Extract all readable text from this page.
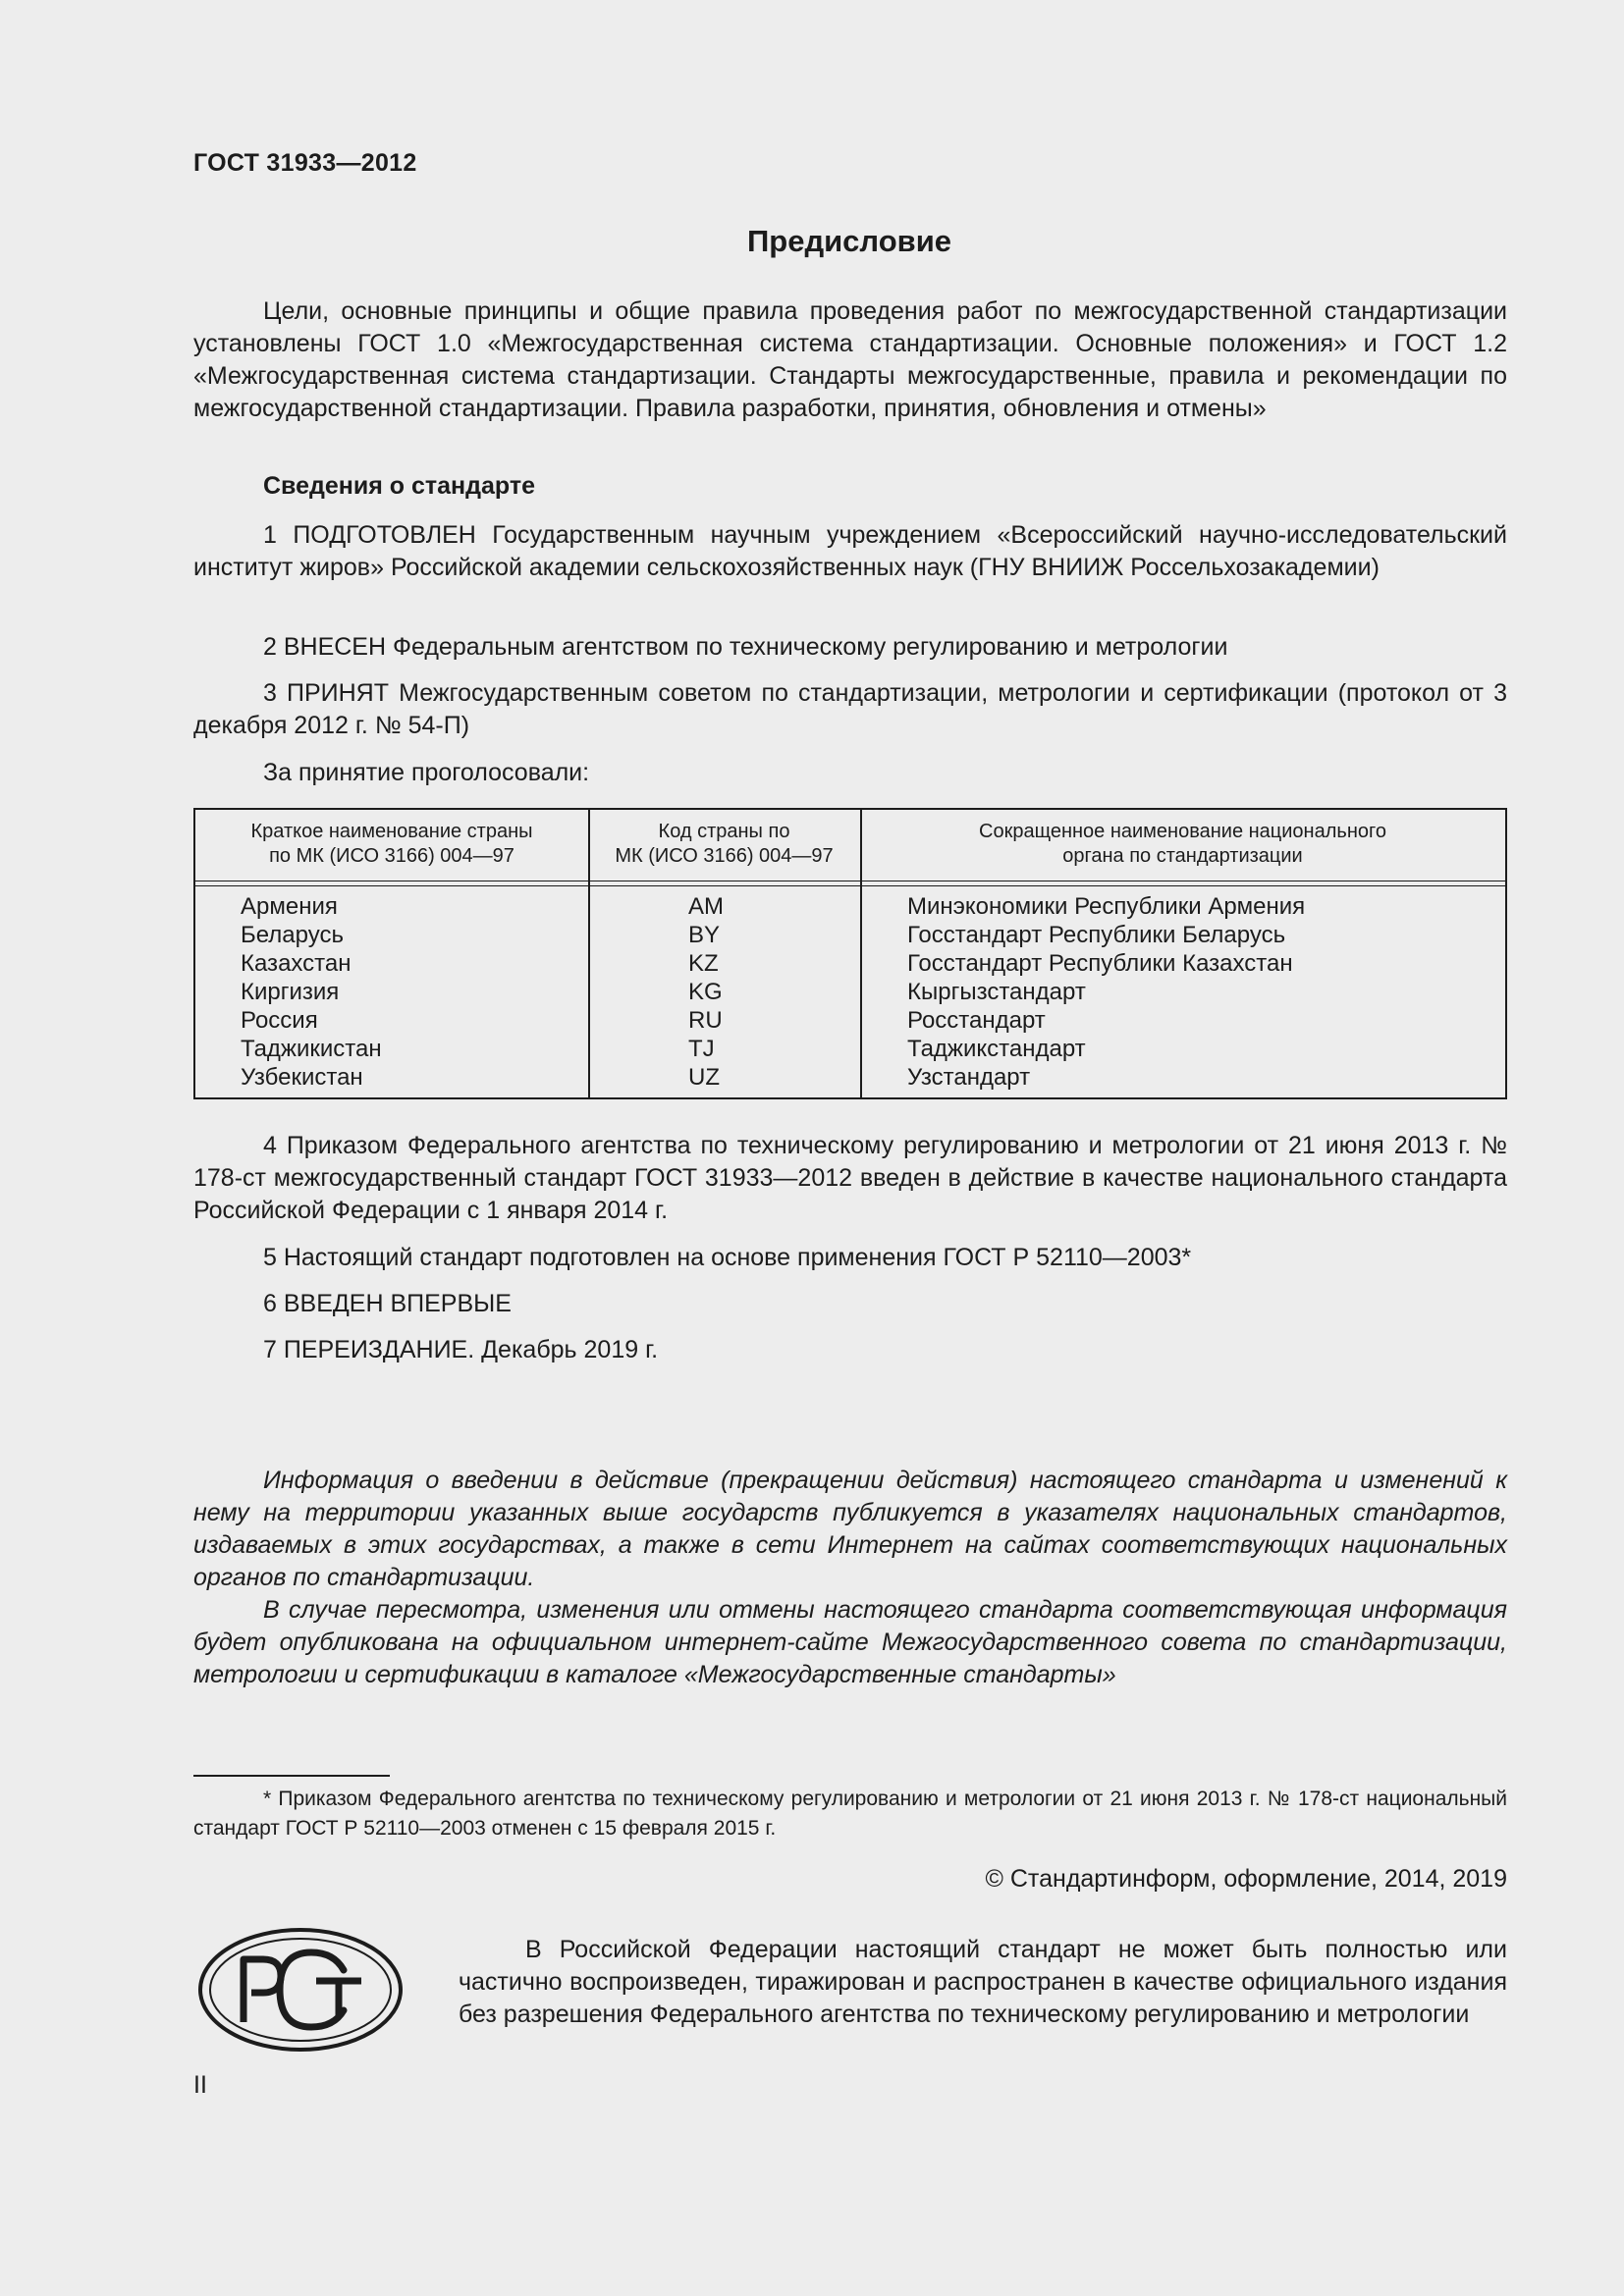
ГОСТ 31933—2012
Предисловие

Цели, основные принципы и общие правила проведения работ по межгосударственной стандартизации установлены ГОСТ 1.0 «Межгосударственная система стандартизации. Основные положения» и ГОСТ 1.2 «Межгосударственная система стандартизации. Стандарты межгосударственные, правила и рекомендации по межгосударственной стандартизации. Правила разработки, принятия, обновления и отмены»

Сведения о стандарте

1 ПОДГОТОВЛЕН Государственным научным учреждением «Всероссийский научно-исследовательский институт жиров» Российской академии сельскохозяйственных наук (ГНУ ВНИИЖ Россельхозакадемии)

2 ВНЕСЕН Федеральным агентством по техническому регулированию и метрологии

3 ПРИНЯТ Межгосударственным советом по стандартизации, метрологии и сертификации (протокол от 3 декабря 2012 г. № 54-П)

За принятие проголосовали:
Краткое наименование страны
по МК (ИСО 3166) 004—97
Код страны по
МК (ИСО 3166) 004—97
Сокращенное наименование национального
органа по стандартизации
Армения
Беларусь
Казахстан
Киргизия
Россия
Таджикистан
Узбекистан
AM
BY
KZ
KG
RU
TJ
UZ
Минэкономики Республики Армения
Госстандарт Республики Беларусь
Госстандарт Республики Казахстан
Кыргызстандарт
Росстандарт
Таджикстандарт
Узстандарт

4 Приказом Федерального агентства по техническому регулированию и метрологии от 21 июня 2013 г. № 178-ст межгосударственный стандарт ГОСТ 31933—2012 введен в действие в качестве национального стандарта Российской Федерации с 1 января 2014 г.

5 Настоящий стандарт подготовлен на основе применения ГОСТ Р 52110—2003*
6 ВВЕДЕН ВПЕРВЫЕ
7 ПЕРЕИЗДАНИЕ. Декабрь 2019 г.

Информация о введении в действие (прекращении действия) настоящего стандарта и изменений к нему на территории указанных выше государств публикуется в указателях национальных стандартов, издаваемых в этих государствах, а также в сети Интернет на сайтах соответствующих национальных органов по стандартизации.

В случае пересмотра, изменения или отмены настоящего стандарта соответствующая информация будет опубликована на официальном интернет-сайте Межгосударственного совета по стандартизации, метрологии и сертификации в каталоге «Межгосударственные стандарты»

* Приказом Федерального агентства по техническому регулированию и метрологии от 21 июня 2013 г. № 178-ст национальный стандарт ГОСТ Р 52110—2003 отменен с 15 февраля 2015 г.

© Стандартинформ, оформление, 2014, 2019

В Российской Федерации настоящий стандарт не может быть полностью или частично воспроизведен, тиражирован и распространен в качестве официального издания без разрешения Федерального агентства по техническому регулированию и метрологии

II
